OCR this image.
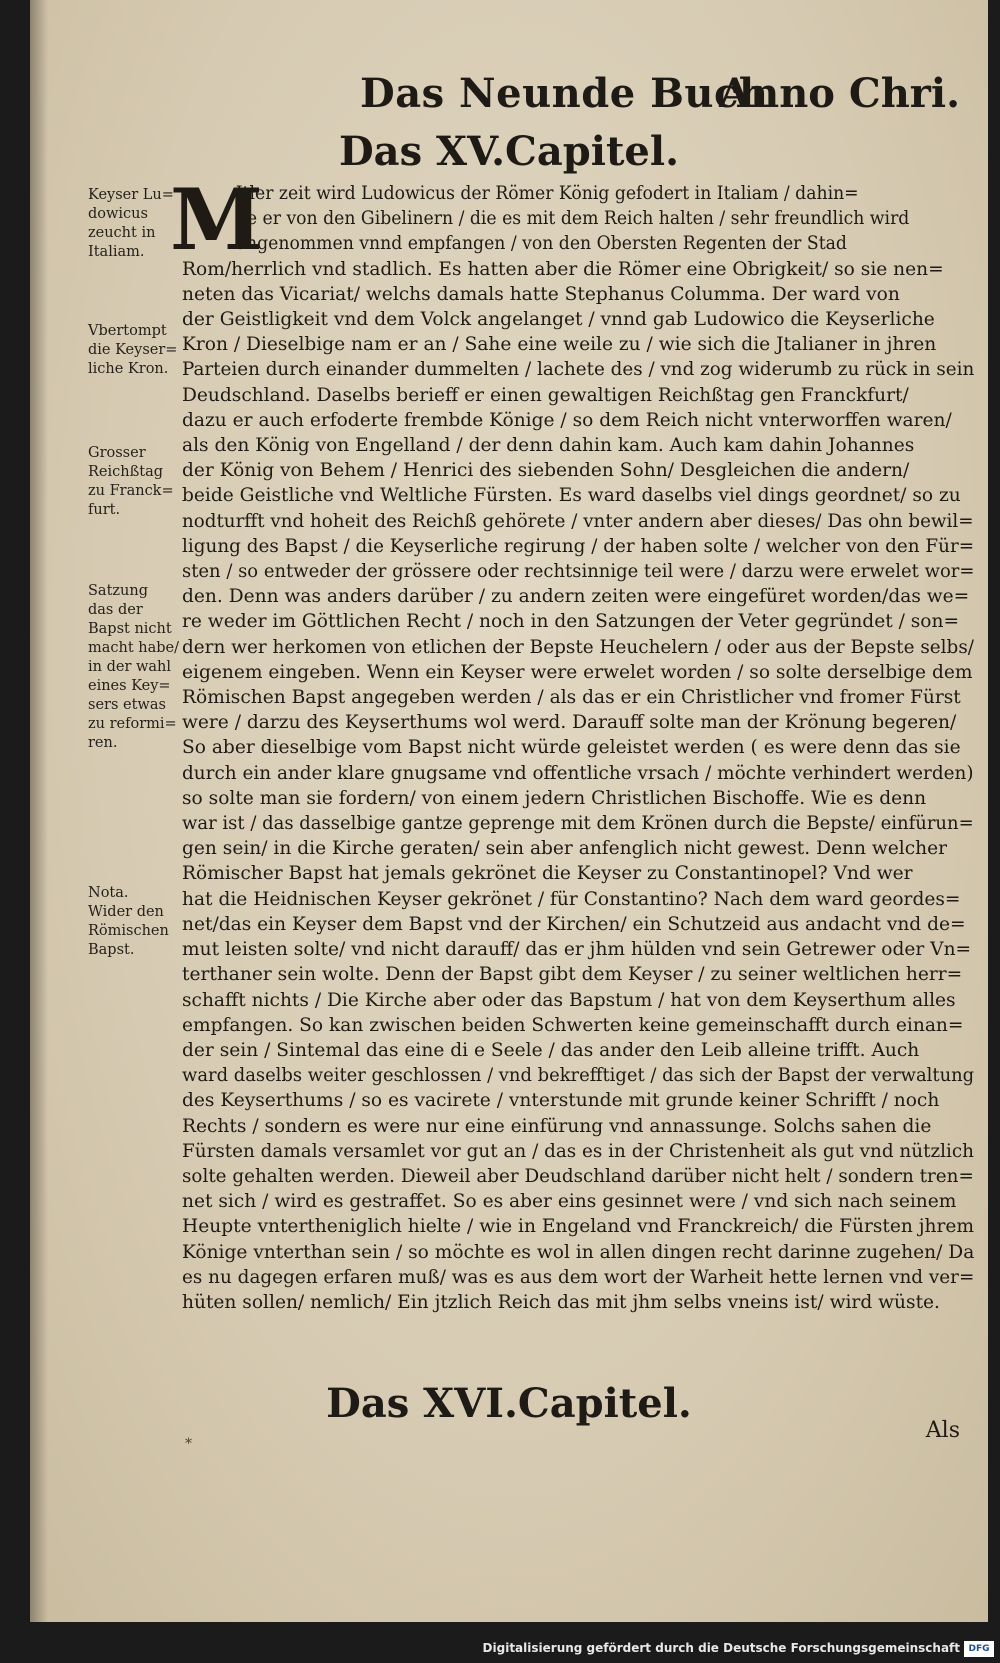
Das Neunde Buch
Anno Chri.
Das XV.Capitel.
Keyser Lu=
dowicus
zeucht in
Italiam.
Vbertompt
die Keyser=
liche Kron.
Grosser
Reichßtag
zu Franck=
furt.
Satzung
das der
Bapst nicht
macht habe/
in der wahl
eines Key=
sers etwas
zu reformi=
ren.
Nota.
Wider den
Römischen
Bapst.
M
Itler zeit wird Ludowicus der Römer König gefodert in Italiam / dahin=
ne er von den Gibelinern / die es mit dem Reich halten / sehr freundlich wird
angenommen vnnd empfangen / von den Obersten Regenten der Stad
Rom/herrlich vnd stadlich. Es hatten aber die Römer eine Obrigkeit/ so sie nen=
neten das Vicariat/ welchs damals hatte Stephanus Columma. Der ward von
der Geistligkeit vnd dem Volck angelanget / vnnd gab Ludowico die Keyserliche
Kron / Dieselbige nam er an / Sahe eine weile zu / wie sich die Jtalianer in jhren
Parteien durch einander dummelten / lachete des / vnd zog widerumb zu rück in sein
Deudschland. Daselbs berieff er einen gewaltigen Reichßtag gen Franckfurt/
dazu er auch erfoderte frembde Könige / so dem Reich nicht vnterworffen waren/
als den König von Engelland / der denn dahin kam. Auch kam dahin Johannes
der König von Behem / Henrici des siebenden Sohn/ Desgleichen die andern/
beide Geistliche vnd Weltliche Fürsten. Es ward daselbs viel dings geordnet/ so zu
nodturfft vnd hoheit des Reichß gehörete / vnter andern aber dieses/ Das ohn bewil=
ligung des Bapst / die Keyserliche regirung / der haben solte / welcher von den Für=
sten / so entweder der grössere oder rechtsinnige teil were / darzu were erwelet wor=
den. Denn was anders darüber / zu andern zeiten were eingefüret worden/das we=
re weder im Göttlichen Recht / noch in den Satzungen der Veter gegründet / son=
dern wer herkomen von etlichen der Bepste Heuchelern / oder aus der Bepste selbs/
eigenem eingeben. Wenn ein Keyser were erwelet worden / so solte derselbige dem
Römischen Bapst angegeben werden / als das er ein Christlicher vnd fromer Fürst
were / darzu des Keyserthums wol werd. Darauff solte man der Krönung begeren/
So aber dieselbige vom Bapst nicht würde geleistet werden ( es were denn das sie
durch ein ander klare gnugsame vnd offentliche vrsach / möchte verhindert werden)
so solte man sie fordern/ von einem jedern Christlichen Bischoffe. Wie es denn
war ist / das dasselbige gantze geprenge mit dem Krönen durch die Bepste/ einfürun=
gen sein/ in die Kirche geraten/ sein aber anfenglich nicht gewest. Denn welcher
Römischer Bapst hat jemals gekrönet die Keyser zu Constantinopel? Vnd wer
hat die Heidnischen Keyser gekrönet / für Constantino? Nach dem ward geordes=
net/das ein Keyser dem Bapst vnd der Kirchen/ ein Schutzeid aus andacht vnd de=
mut leisten solte/ vnd nicht darauff/ das er jhm hülden vnd sein Getrewer oder Vn=
terthaner sein wolte. Denn der Bapst gibt dem Keyser / zu seiner weltlichen herr=
schafft nichts / Die Kirche aber oder das Bapstum / hat von dem Keyserthum alles
empfangen. So kan zwischen beiden Schwerten keine gemeinschafft durch einan=
der sein / Sintemal das eine di e Seele / das ander den Leib alleine trifft. Auch
ward daselbs weiter geschlossen / vnd bekrefftiget / das sich der Bapst der verwaltung
des Keyserthums / so es vacirete / vnterstunde mit grunde keiner Schrifft / noch
Rechts / sondern es were nur eine einfürung vnd annassunge. Solchs sahen die
Fürsten damals versamlet vor gut an / das es in der Christenheit als gut vnd nützlich
solte gehalten werden. Dieweil aber Deudschland darüber nicht helt / sondern tren=
net sich / wird es gestraffet. So es aber eins gesinnet were / vnd sich nach seinem
Heupte vntertheniglich hielte / wie in Engeland vnd Franckreich/ die Fürsten jhrem
Könige vnterthan sein / so möchte es wol in allen dingen recht darinne zugehen/ Da
es nu dagegen erfaren muß/ was es aus dem wort der Warheit hette lernen vnd ver=
hüten sollen/ nemlich/ Ein jtzlich Reich das mit jhm selbs vneins ist/ wird wüste.
Das XVI.Capitel.
*
Als
Digitalisierung gefördert durch die Deutsche Forschungsgemeinschaft DFG
